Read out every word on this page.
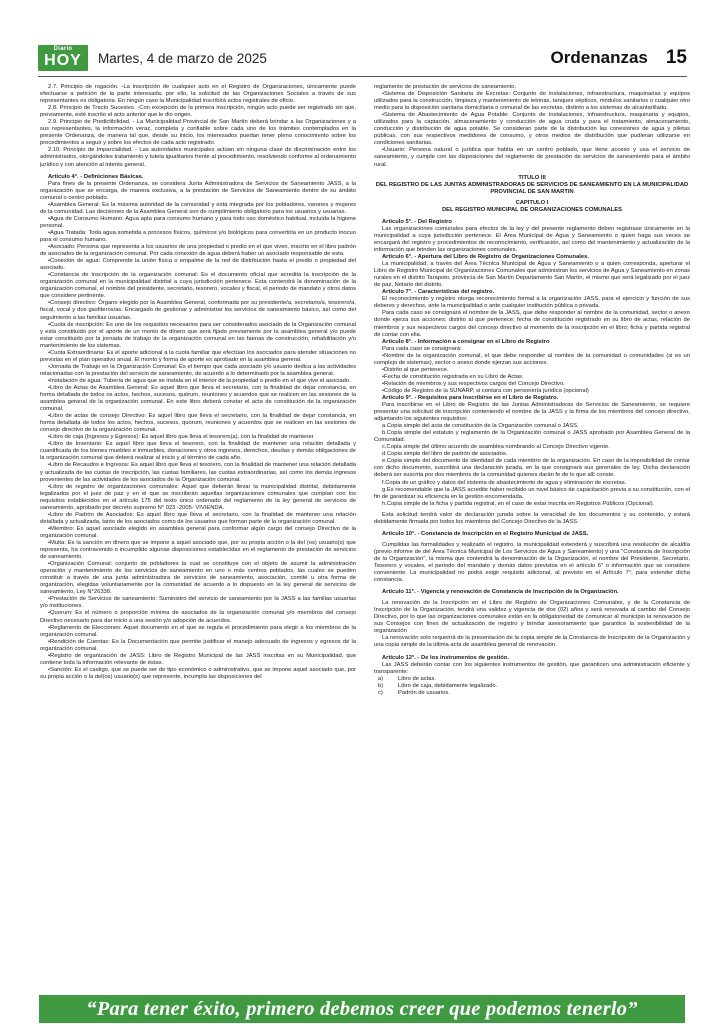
Diario
HOY	Martes, 4 de marzo de 2025	Ordenanzas 15

2.7. Principio de rogación. -La inscripción de cualquier acto en el Registro de Organizaciones, únicamente puede efectuarse a petición de la parte interesada; por ello, la solicitud de las Organizaciones Sociales a través de sus representantes es obligatoria. En ningún caso la Municipalidad inscribirá actos registrales de oficio.

2.8. Principio de Tracto Sucesivo. -Con excepción de la primera inscripción, ningún acto puede ser registrado sin que, previamente, esté inscrito el acto anterior que le dio origen.

2.9. Principio de Predictibilidad. - La Municipalidad Provincial de San Martín deberá brindar a las Organizaciones y a sus representantes, la información veraz, completa y confiable sobre cada uno de los trámites contemplados en la presente Ordenanza, de manera tal que, desde su inicio, los interesados puedan tener pleno conocimiento sobre los procedimientos a seguir y sobre los efectos de cada acto registrado.

2.10. Principio de Imparcialidad. - Las autoridades municipales actúan sin ninguna clase de discriminación entre los administrados, otorgándoles tratamiento y tutela igualitarios frente al procedimiento, resolviendo conforme al ordenamiento jurídico y con atención al interés general.

Artículo 4°. - Definiciones Básicas.

Para fines de la presente Ordenanza, se considera Junta Administradora de Servicios de Saneamiento JASS, a la organización que se encarga, de manera exclusiva, a la prestación de Servicios de Saneamiento dentro de su ámbito comunal o centro poblado.

•Asamblea General: Es la máxima autoridad de la comunidad y está integrada por los pobladores, varones y mujeres de la comunidad. Las decisiones de la Asamblea General son de cumplimiento obligatorio para los usuarios y usuarias.

•Agua de Consumo Humano: Agua apta para consumo humano y para todo uso doméstico habitual, incluida la higiene personal.

•Agua Tratada: Toda agua sometida a procesos físicos, químicos y/o biológicos para convertirla en un producto inocuo para el consumo humano.

•Asociado: Persona que representa a los usuarios de una propiedad o predio en el que viven, inscrito en el libro padrón de asociados de la organización comunal. Por cada conexión de agua deberá haber un asociado responsable de esta.

•Conexión de agua: Comprende la unión física o empalme de la red de distribución hasta el predio o propiedad del asociado.

•Constancia de inscripción de la organización comunal: Es el documento oficial que acredita la inscripción de la organización comunal en la municipalidad distrital a cuya jurisdicción pertenece. Esta contendrá la denominación de la organización comunal, el nombre del presidente, secretario, tesorero, vocales y fiscal, el periodo de mandato y otros datos que considere pertinente.

•Consejo directivo: Órgano elegido por la Asamblea General, conformada por su presidente/a, secretario/a, tesorero/a, fiscal, vocal y dos gasfiteros/as. Encargado de gestionar y administrar los servicios de saneamiento básico, así como del seguimiento a las familias usuarias.

•Cuota de inscripción: Es uno de los requisitos necesarios para ser considerados asociado de la Organización comunal y está constituido por el aporte de un monto de dinero que será fijado previamente por la asamblea general y/o puede estar constituido por la jornada de trabajo de la organización comunal en las faenas de construcción, rehabilitación y/o mantenimiento de los sistemas.

•Cuota Extraordinaria: Es el aporte adicional a la cuota familiar que efectúan los asociados para atender situaciones no previstas en el plan operativo anual. El monto y forma de aporte es aprobado en la asamblea general.

•Jornada de Trabajo en la Organización Comunal: Es el tiempo que cada asociado y/o usuario dedica a las actividades relacionadas con la prestación del servicio de saneamiento, de acuerdo a lo determinado por la asamblea general.

•Instalación de agua: Tubería de agua que se instala en el interior de la propiedad o predio en el que vive el asociado.

•Libro de Actas de Asamblea General: Es aquel libro que lleva el secretario, con la finalidad de dejar constancia, en forma detallada de todos os actos, hechos, sucesos, quórum, reuniones y acuerdos que se realicen en las sesiones de la asamblea general de la organización comunal. En este libro deberá constar el acta de constitución de la organización comunal.

•Libro de actas de consejo Directivo: Es aquel libro que lleva el secretario, con la finalidad de dejar constancia, en forma detallada de todos los actos, hechos, sucesos, quorum, reuniones y acuerdos que se realicen en las sesiones de consejo directivo de la organización comunal.

•Libro de caja (Ingresos y Egresos): Es aquel libro que lleva el tesorero(a), con la finalidad de mantener

•Libro de Inventario: Es aquel libro que lleva el tesorero, con la finalidad de mantener una relación detallada y cuantificada de los bienes muebles e inmuebles, donaciones y otros ingresos, derechos, deudas y demás obligaciones de la organización comunal que deberá realizar al inicio y al término de cada año.

•Libro de Recaudos e Ingresos: Es aquel libro que lleva el tesorero, con la finalidad de mantener una relación detallada y actualizada de las cuotas de inscripción, las cuotas familiares, las cuotas extraordinarias, así como los demás ingresos provenientes de las actividades de los asociados de la Organización comunal.

•Libro de registro de organizaciones comunales: Aquel que deberán llevar la municipalidad distrital, debidamente legalizados por el juez de paz y en el que se inscribirán aquellas organizaciones comunales que cumplan con los requisitos establecidos en el artículo 175 del texto único ordenado del reglamento de la ley general de servicios de saneamiento, aprobado por decreto supremo N° 023 -2005- VIVIENDA.

•Libro de Padrón de Asociados: Es aquel libro que lleva el secretario, con la finalidad de mantener una relación detallada y actualizada, tanto de los asociados como de los usuarios que forman parte de la organización comunal.

•Miembro: Es aquel asociado elegido en asamblea general para conformar algún cargo del consejo Directivo de la organización comunal.

•Multa: Es la sanción en dinero que se impone a aquel asociado que, por su propia acción o la del (os) usuario(s) que representa, ha contravenido o incumplido algunas disposiciones establecidas en el reglamento de prestación de servicios de saneamiento.

•Organización Comunal: conjunto de pobladores la cual se constituye con el objeto de asumir la administración operación y mantenimiento de los servicios de saneamiento en uno o más centros poblados, las cuales se pueden constituir a través de una junta administradora de servicios de saneamiento, asociación, comité u otra forma de organización, elegidas voluntariamente por la comunidad de acuerdo a lo dispuesto en la ley general de servicios de saneamiento, Ley N°26338.

•Prestación de Servicios de saneamiento: Suministro del servicio de saneamiento por la JASS a las familias usuarias y/o instituciones.

•Quorum: Es el número o proporción mínima de asociados de la organización comunal y/o miembros del consejo Directivo necesario para dar inicio a una sesión y/o adopción de acuerdos.

•Reglamento de Elecciones: Aquel documento en el que se regula el procedimiento para elegir a los miembros de la organización comunal.

•Rendición de Cuentas: Es la Documentación que permite justificar el manejo adecuado de ingresos y egresos de la organización comunal.

•Registro de organización de JASS: Libro de Registro Municipal de las JASS inscritas en su Municipalidad, que contiene toda la información relevante de éstas.

•Sanción: Es el castigo, que se puede ser de tipo económico o administrativo, que se impone aquel asociado que, por su propia acción o la del(os) usuario(s) que represente, incumpla las disposiciones del

reglamento de prestación de servicios de saneamiento.

•Sistema de Disposición Sanitaria de Excretas: Conjunto de instalaciones, infraestructura, maquinarias y equipos utilizados para la construcción, limpieza y mantenimiento de letrinas, tanques sépticos, módulos sanitarios o cualquier otro medio para la disposición sanitaria domiciliaria o comunal de las excretas, distinto a los sistemas de alcantarillado.

•Sistema de Abastecimiento de Agua Potable: Conjunto de instalaciones, infraestructura, maquinaria y equipos, utilizados para la captación, almacenamiento y conducción de agua cruda y para el tratamiento, almacenamiento, conducción y distribución de agua potable. Se consideran parte de la distribución las conexiones de agua y piletas públicas, con sus respectivos medidores de consumo, y otros medios de distribución que pudieran utilizarse en condiciones sanitarias.

•Usuario: Persona natural o jurídica que habita en un centro poblado, que tiene acceso y usa el servicio de saneamiento, y cumple con las disposiciones del reglamento de prestación de servicios de saneamiento para el ámbito rural.

TITULO III

DEL REGISTRO DE LAS JUNTAS ADMINISTRADORAS DE SERVICIOS DE SANEAMIENTO EN LA MUNICIPALIDAD PROVINCIAL DE SAN MARTIN

CAPITULO I

DEL REGISTRO MUNICIPAL DE ORGANIZACIONES COMUNALES

Artículo 5°. - Del Registro

Las organizaciones comunales para efectos de la ley y del presente reglamento deben registrase únicamente en la municipalidad a cuya jurisdicción pertenece. El Área Municipal de Agua y Saneamiento o quien haga sus veces se encargará del registro y procedimientos de reconocimiento, verificación, así como del mantenimiento y actualización de la información que brinden las organizaciones comunales.

Artículo 6°. - Apertura del Libro de Registro de Organizaciones Comunales.

La municipalidad, a través del Área Técnica Municipal de Agua y Saneamiento o a quien corresponda, aperturar el Libro de Registro Municipal de Organizaciones Comunales que administran los servicios de Agua y Saneamiento en zonas rurales en el distrito Tarapoto, provincia de San Martín Departamento San Martín, el mismo que será legalizado por el juez de paz, Notario del distrito.

Artículo 7°. - Características del registro.

El reconocimiento y registro otorga reconocimiento formal a la organización JASS, para el ejercicio y función de sus deberes y derechos, ante la municipalidad o ante cualquier institución pública o privada.

Para cada caso se consignará el nombre de la JASS, que debe responder al nombre de la comunidad, sector o anexo donde ejerza sus acciones; distrito al que pertenece; fecha de constitución registrado en su libro de actas, relación de miembros y sus respectivos cargos del concejo directivo al momento de la inscripción en el libro; ficha y partida registral de contar con ella.

Artículo 8°. - Información a consignar en el Libro de Registro

Para cada caso se consignará:

•Nombre de la organización comunal, el que debe responder al nombre de la comunidad o comunidades (si es un complejo de sistemas), sector o anexo donde ejerzan sus acciones.

•Distrito al que pertenece.

•Fecha de constitución registrada en su Libro de Actas.

•Relación de miembros y sus respectivos cargos del Concejo Directivo.

•Código de Registro de la SUNARP, si contara con personería jurídica (opcional)

Artículo 9°. - Requisitos para Inscribirse en el Libro de Registro.

Para inscribirse en el Libro de Registro de las Juntas Administradoras de Servicios de Saneamiento, se requiere presentar una solicitud de inscripción conteniendo el nombre de la JASS y la firma de los miembros del concejo directivo, adjuntando los siguientes requisitos:

a.Copia simple del acta de constitución de la Organización comunal o JASS.

b.Copia simple del estatuto y reglamento de la Organización comunal o JASS aprobado por Asamblea General de la Comunidad.

c.Copia simple del último acuerdo de asamblea nombrando al Concejo Directivo vigente.

d.Copia simple del libro de padrón de asociados.

e.Copia simple del documento de identidad de cada miembro de la organización. En caso de la imposibilidad de contar con dicho documento, suscribirá una declaración jurada, en la que consignará sus generales de ley. Dicha declaración deberá ser suscrita por dos miembros de la comunidad quienes darán fe de lo que allí conste.

f.Copia de un gráfico y datos del sistema de abastecimiento de agua y eliminación de excretas.

g.Es recomendable que la JASS acredite haber recibido un nivel básico de capacitación previa a su constitución, con el fin de garantizar su eficiencia en la gestión encomendada.

h.Copia simple de la ficha y partida registral, en el caso de estar inscrita en Registros Públicos (Opcional).

Esta solicitud tendrá valor de declaración jurada sobre la veracidad de los documentos y su contenido, y estará debidamente firmada por todos los miembros del Concejo Directivo de la JASS.

Artículo 10°. - Constancia de Inscripción en el Registro Municipal de JASS.

Cumplidas las formalidades y realizado el registro, la municipalidad extenderá y suscribirá una resolución de alcaldía (previo informe de del Área Técnica Municipal de Los Servicios de Agua y Saneamiento) y una "Constancia de Inscripción de la Organización", la misma que contendrá la denominación de la Organización, el nombre del Presidente, Secretario, Tesorero y vocales, el periodo del mandato y demás datos previstos en el artículo 6° o información que se considere conveniente. La municipalidad no podrá exigir requisito adicional, al previsto en el Artículo 7°, para extender dicha constancia.

Artículo 11°. - Vigencia y renovación de Constancia de Inscripción de la Organización.

La renovación de la Inscripción en el Libro de Registro de Organizaciones Comunales, y de la Constancia de Inscripción de la Organización, tendrá una validez y vigencia de dos (02) años y será renovada al cambio del Consejo Directivo, por lo que las organizaciones comunales están en la obligatoriedad de comunicar al municipio la renovación de sus Consejos con fines de actualización de registro y brindar asesoramiento que garantice la sostenibilidad de la organización

La renovación solo requerirá de la presentación de la copia simple de la Constancia de Inscripción de la Organización y una copia simple de la última acta de asamblea general de renovación.

Artículo 12°. - De los instrumentos de gestión.

Las JASS deberán contar con los siguientes instrumentos de gestión, que garanticen una administración eficiente y transparente:

a)	Libro de actas.
b)	Libro de caja, debidamente legalizado.
c)	Padrón de usuarios.
“Para tener éxito, primero debemos creer que podemos tenerlo”
